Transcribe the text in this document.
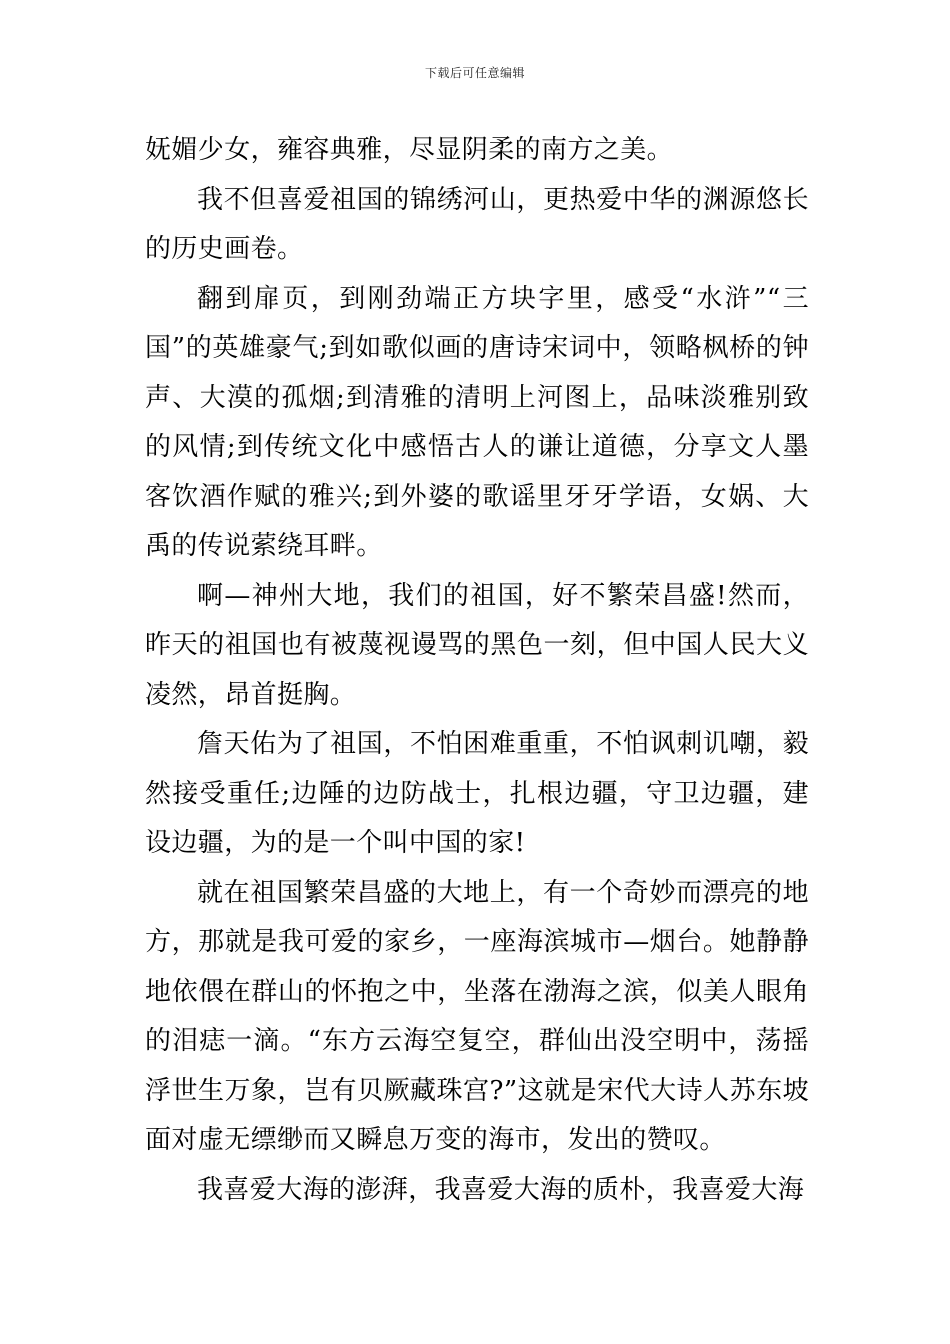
下载后可任意编辑

妩媚少女，雍容典雅，尽显阴柔的南方之美。

我不但喜爱祖国的锦绣河山，更热爱中华的渊源悠长的历史画卷。

翻到扉页，到刚劲端正方块字里，感受“水浒”“三国”的英雄豪气;到如歌似画的唐诗宋词中，领略枫桥的钟声、大漠的孤烟;到清雅的清明上河图上，品味淡雅别致的风情;到传统文化中感悟古人的谦让道德，分享文人墨客饮酒作赋的雅兴;到外婆的歌谣里牙牙学语，女娲、大禹的传说萦绕耳畔。

啊—神州大地，我们的祖国，好不繁荣昌盛!然而，昨天的祖国也有被蔑视谩骂的黑色一刻，但中国人民大义凌然，昂首挺胸。

詹天佑为了祖国，不怕困难重重，不怕讽刺讥嘲，毅然接受重任;边陲的边防战士，扎根边疆，守卫边疆，建设边疆，为的是一个叫中国的家!

就在祖国繁荣昌盛的大地上，有一个奇妙而漂亮的地方，那就是我可爱的家乡，一座海滨城市—烟台。她静静地依偎在群山的怀抱之中，坐落在渤海之滨，似美人眼角的泪痣一滴。“东方云海空复空，群仙出没空明中，荡摇浮世生万象，岂有贝厥藏珠宫?”这就是宋代大诗人苏东坡面对虚无缥缈而又瞬息万变的海市，发出的赞叹。

我喜爱大海的澎湃，我喜爱大海的质朴，我喜爱大海
